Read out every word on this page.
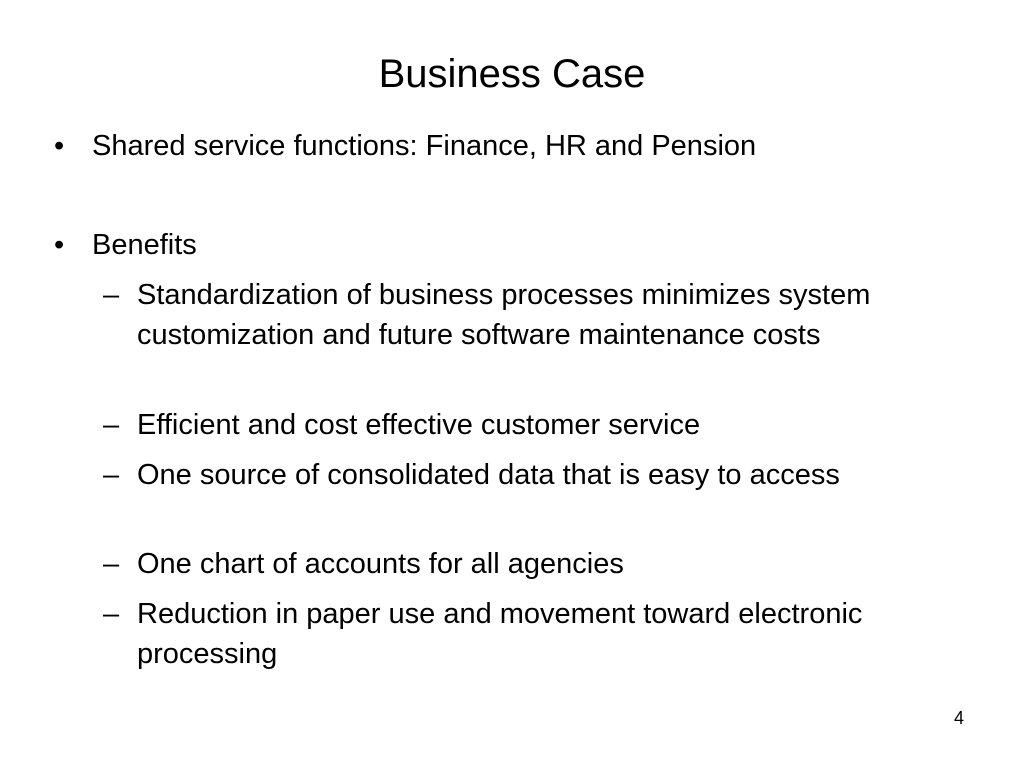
Business Case
• Shared service functions: Finance, HR and Pension
• Benefits
– Standardization of business processes minimizes system customization and future software maintenance costs
– Efficient and cost effective customer service
– One source of consolidated data that is easy to access
– One chart of accounts for all agencies
– Reduction in paper use and movement toward electronic processing
4
